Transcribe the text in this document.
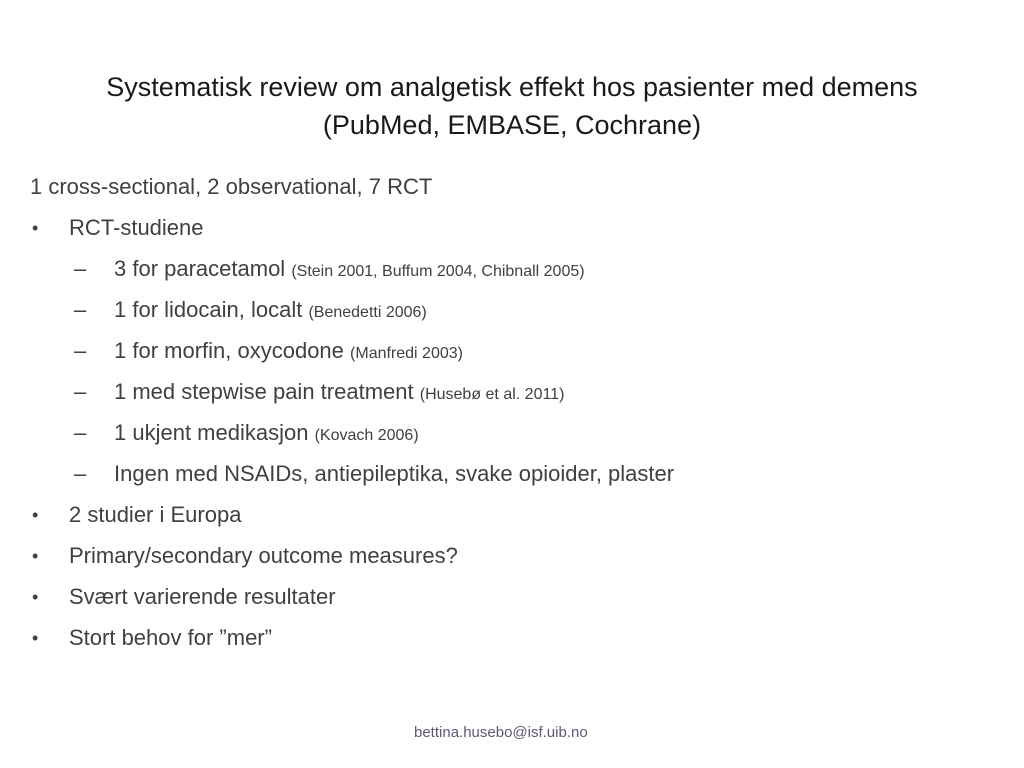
Systematisk review om analgetisk effekt hos pasienter med demens
(PubMed, EMBASE, Cochrane)
1 cross-sectional, 2 observational, 7 RCT
• RCT-studiene
– 3 for paracetamol (Stein 2001, Buffum 2004, Chibnall 2005)
– 1 for lidocain, localt (Benedetti 2006)
– 1 for morfin, oxycodone (Manfredi 2003)
– 1 med stepwise pain treatment (Husebø et al. 2011)
– 1 ukjent medikasjon (Kovach 2006)
– Ingen med NSAIDs, antiepileptika, svake opioider, plaster
• 2 studier i Europa
• Primary/secondary outcome measures?
• Svært varierende resultater
• Stort behov for ”mer”
bettina.husebo@isf.uib.no
